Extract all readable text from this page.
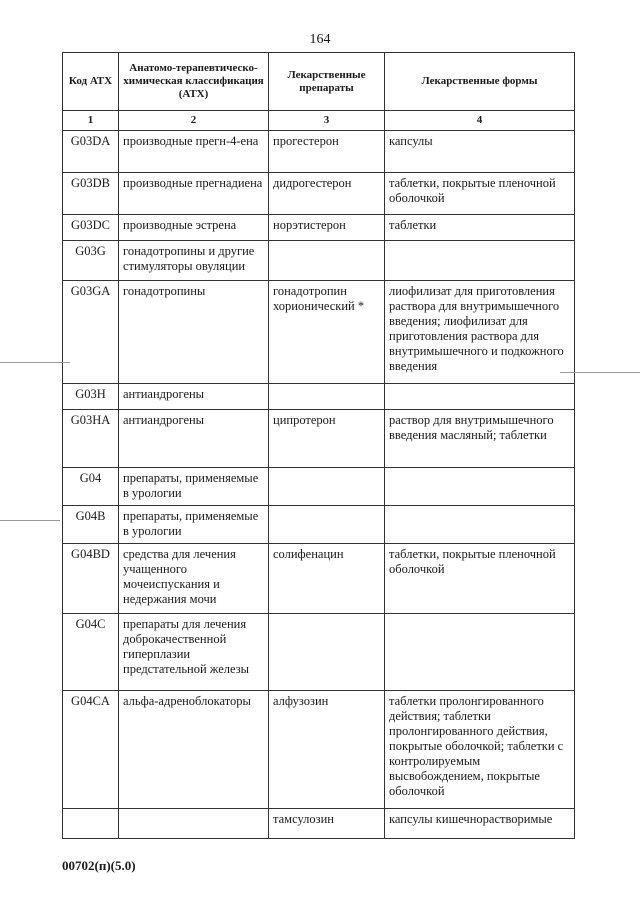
164
Код АТХ	Анатомо-терапевтическо-химическая классификация (АТХ)	Лекарственные препараты	Лекарственные формы
1	2	3	4
G03DA	производные прегн-4-ена	прогестерон	капсулы
G03DB	производные прегнадиена	дидрогестерон	таблетки, покрытые пленочной оболочкой
G03DC	производные эстрена	норэтистерон	таблетки
G03G	гонадотропины и другие стимуляторы овуляции		
G03GA	гонадотропины	гонадотропин хорионический *	лиофилизат для приготовления раствора для внутримышечного введения; лиофилизат для приготовления раствора для внутримышечного и подкожного введения
G03H	антиандрогены		
G03HA	антиандрогены	ципротерон	раствор для внутримышечного введения масляный; таблетки
G04	препараты, применяемые в урологии		
G04B	препараты, применяемые в урологии		
G04BD	средства для лечения учащенного мочеиспускания и недержания мочи	солифенацин	таблетки, покрытые пленочной оболочкой
G04C	препараты для лечения доброкачественной гиперплазии предстательной железы		
G04CA	альфа-адреноблокаторы	алфузозин	таблетки пролонгированного действия; таблетки пролонгированного действия, покрытые оболочкой; таблетки с контролируемым высвобождением, покрытые оболочкой
		тамсулозин	капсулы кишечнорастворимые
00702(п)(5.0)
